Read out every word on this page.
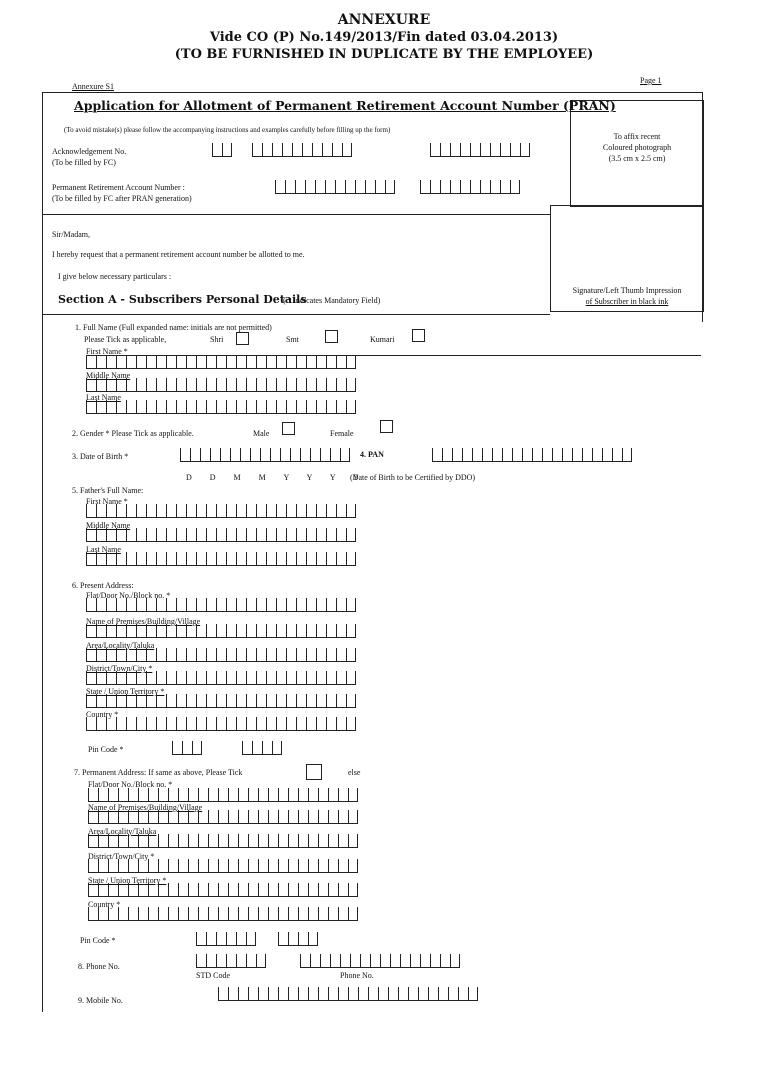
ANNEXURE
Vide CO (P) No.149/2013/Fin dated 03.04.2013)
(TO BE FURNISHED IN DUPLICATE BY THE EMPLOYEE)
Annexure S1
Page 1
To affix recent
Coloured photograph
(3.5 cm x 2.5 cm)
Signature/Left Thumb Impression
of Subscriber in black ink
Application for Allotment of Permanent Retirement Account Number (PRAN)
(To avoid mistake(s) please follow the accompanying instructions and examples carefully before filling up the form)
Acknowledgement No.
(To be filled by FC)
Permanent Retirement Account Number :
(To be filled by FC after PRAN generation)
Sir/Madam,
I hereby request that a permanent retirement account number be allotted to me.
I give below necessary particulars :
Section A - Subscribers Personal Details
( * indicates Mandatory Field)
1. Full Name (Full expanded name: initials are not permitted)
Please Tick as applicable,	Shri	Smt	Kumari
First Name *
Middle Name
Last Name
2. Gender * Please Tick as applicable.	Male	Female
3. Date of Birth *	4. PAN
D   D   M   M   Y   Y   Y   Y
(Date of Birth to be Certified by DDO)
5. Father's Full Name:
First Name *
Middle Name
Last Name
6. Present Address:
Flat/Door No./Block no. *
Name of Premises/Building/Village
Area/Locality/Taluka
District/Town/City *
State / Union Territory *
Country *
Pin Code *
7. Permanent Address: If same as above, Please Tick	else
Flat/Door No./Block no. *
Name of Premises/Building/Village
Area/Locality/Taluka
District/Town/City *
State / Union Territory *
Country *
Pin Code *
8. Phone No.
STD Code	Phone No.
9. Mobile No.
